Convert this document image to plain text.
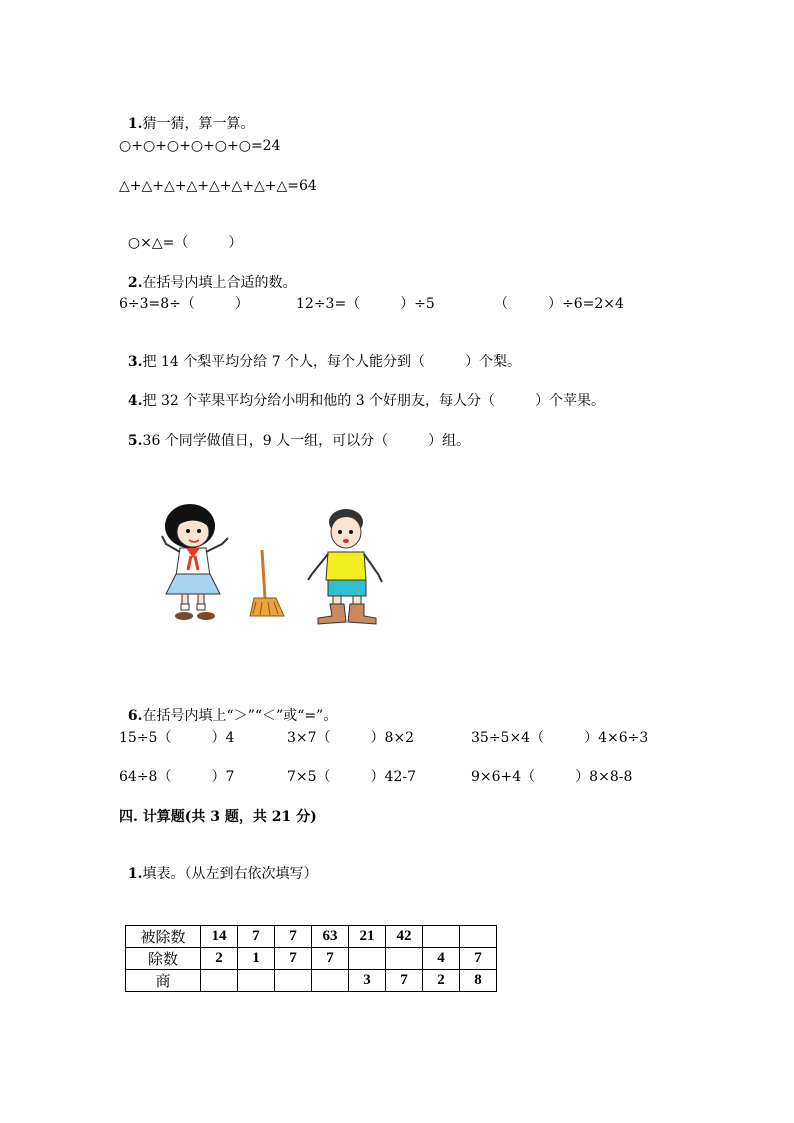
1.猜一猜，算一算。

○+○+○+○+○+○=24
△+△+△+△+△+△+△+△=64

○×△=（	）

2.在括号内填上合适的数。

6÷3=8÷（	）

	12÷3=（	）÷5

	（	）÷6=2×4

3.把 14 个梨平均分给 7 个人，每个人能分到（	）个梨。

4.把 32 个苹果平均分给小明和他的 3 个好朋友，每人分（	）个苹果。

5.36 个同学做值日，9 人一组，可以分（	）组。

6.在括号内填上“＞”“＜”或“=”。

15÷5（	）4

	3×7（	）8×2

	35÷5×4（	）4×6÷3

64÷8（	）7

	7×5（	）42-7

	9×6+4（	）8×8-8

四. 计算题(共 3 题，共 21 分)

1.填表。（从左到右依次填写）

被除数	14	7	7	63	21	42		
除数	2	1	7	7			4	7
商					3	7	2	8
